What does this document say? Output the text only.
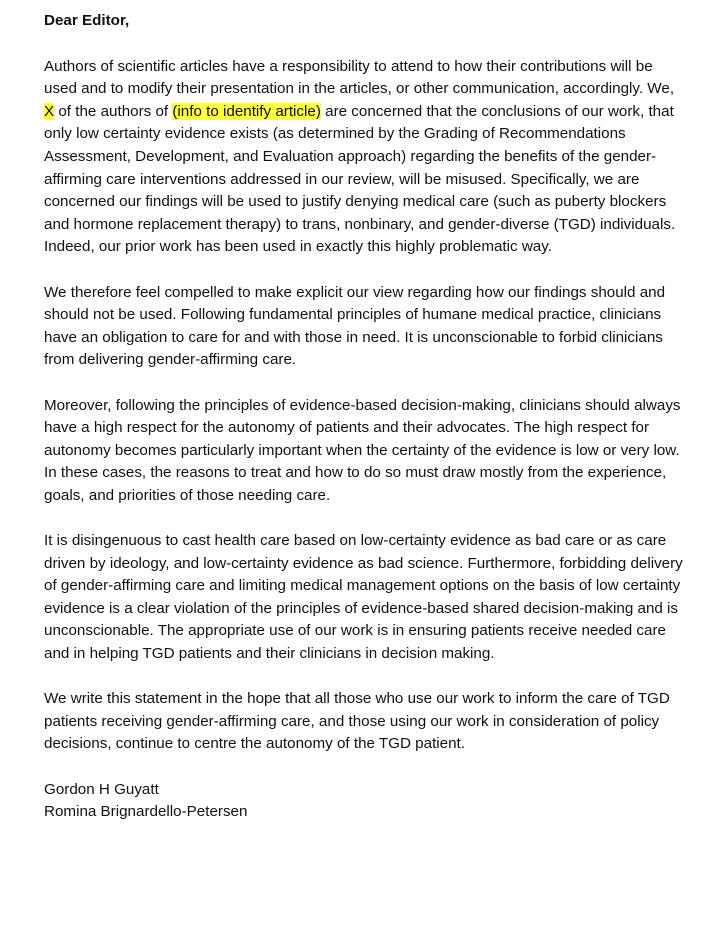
Dear Editor,

Authors of scientific articles have a responsibility to attend to how their contributions will be used and to modify their presentation in the articles, or other communication, accordingly. We, X of the authors of (info to identify article) are concerned that the conclusions of our work, that only low certainty evidence exists (as determined by the Grading of Recommendations Assessment, Development, and Evaluation approach) regarding the benefits of the gender-affirming care interventions addressed in our review, will be misused. Specifically, we are concerned our findings will be used to justify denying medical care (such as puberty blockers and hormone replacement therapy) to trans, nonbinary, and gender-diverse (TGD) individuals. Indeed, our prior work has been used in exactly this highly problematic way.

We therefore feel compelled to make explicit our view regarding how our findings should and should not be used. Following fundamental principles of humane medical practice, clinicians have an obligation to care for and with those in need. It is unconscionable to forbid clinicians from delivering gender-affirming care.

Moreover, following the principles of evidence-based decision-making, clinicians should always have a high respect for the autonomy of patients and their advocates. The high respect for autonomy becomes particularly important when the certainty of the evidence is low or very low. In these cases, the reasons to treat and how to do so must draw mostly from the experience, goals, and priorities of those needing care.

It is disingenuous to cast health care based on low-certainty evidence as bad care or as care driven by ideology, and low-certainty evidence as bad science. Furthermore, forbidding delivery of gender-affirming care and limiting medical management options on the basis of low certainty evidence is a clear violation of the principles of evidence-based shared decision-making and is unconscionable. The appropriate use of our work is in ensuring patients receive needed care and in helping TGD patients and their clinicians in decision making.

We write this statement in the hope that all those who use our work to inform the care of TGD patients receiving gender-affirming care, and those using our work in consideration of policy decisions, continue to centre the autonomy of the TGD patient.

Gordon H Guyatt
Romina Brignardello-Petersen
